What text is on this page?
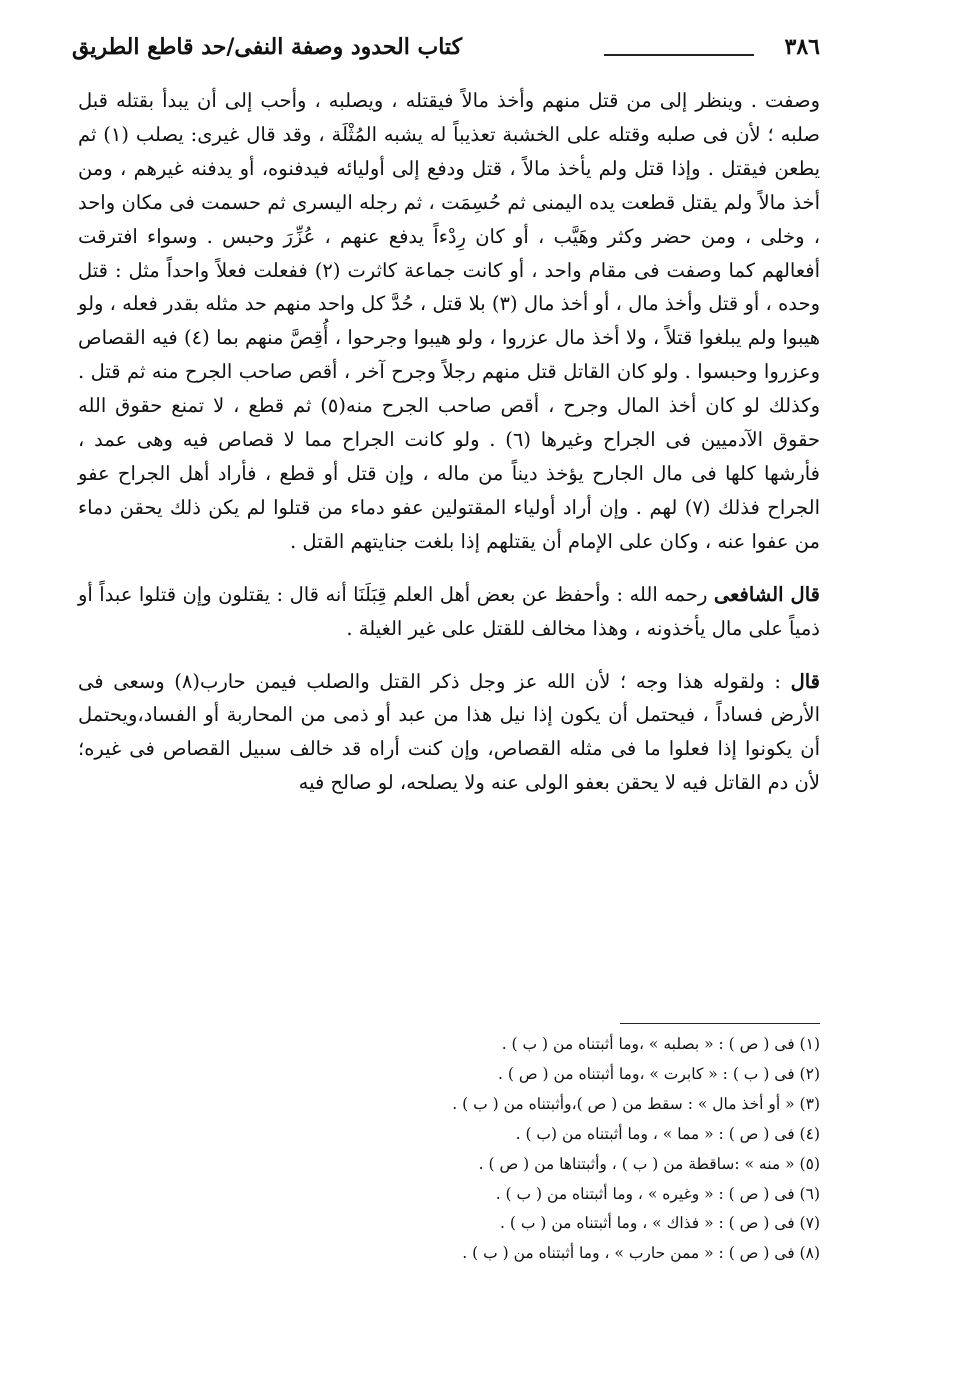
٣٨٦
كتاب الحدود وصفة النفى/حد قاطع الطريق

وصفت . وينظر إلى من قتل منهم وأخذ مالاً فيقتله ، ويصلبه ، وأحب إلى أن يبدأ بقتله قبل صلبه ؛ لأن فى صلبه وقتله على الخشبة تعذيباً له يشبه المُثْلَة ، وقد قال غيرى: يصلب (١) ثم يطعن فيقتل . وإذا قتل ولم يأخذ مالاً ، قتل ودفع إلى أوليائه فيدفنوه، أو يدفنه غيرهم ، ومن أخذ مالاً ولم يقتل قطعت يده اليمنى ثم حُسِمَت ، ثم رجله اليسرى ثم حسمت فى مكان واحد ، وخلى ، ومن حضر وكثر وهَيَّب ، أو كان رِدْءاً يدفع عنهم ، عُزِّرَ وحبس . وسواء افترقت أفعالهم كما وصفت فى مقام واحد ، أو كانت جماعة كاثرت (٢) ففعلت فعلاً واحداً مثل : قتل وحده ، أو قتل وأخذ مال ، أو أخذ مال (٣) بلا قتل ، حُدَّ كل واحد منهم حد مثله بقدر فعله ، ولو هيبوا ولم يبلغوا قتلاً ، ولا أخذ مال عزروا ، ولو هيبوا وجرحوا ، أُقِصَّ منهم بما (٤) فيه القصاص وعزروا وحبسوا . ولو كان القاتل قتل منهم رجلاً وجرح آخر ، أقص صاحب الجرح منه ثم قتل . وكذلك لو كان أخذ المال وجرح ، أقص صاحب الجرح منه(٥) ثم قطع ، لا تمنع حقوق الله حقوق الآدميين فى الجراح وغيرها (٦) . ولو كانت الجراح مما لا قصاص فيه وهى عمد ، فأرشها كلها فى مال الجارح يؤخذ ديناً من ماله ، وإن قتل أو قطع ، فأراد أهل الجراح عفو الجراح فذلك (٧) لهم . وإن أراد أولياء المقتولين عفو دماء من قتلوا لم يكن ذلك يحقن دماء من عفوا عنه ، وكان على الإمام أن يقتلهم إذا بلغت جنايتهم القتل .

قال الشافعى رحمه الله : وأحفظ عن بعض أهل العلم قِبَلَنَا أنه قال : يقتلون وإن قتلوا عبداً أو ذمياً على مال يأخذونه ، وهذا مخالف للقتل على غير الغيلة .

قال : ولقوله هذا وجه ؛ لأن الله عز وجل ذكر القتل والصلب فيمن حارب(٨) وسعى فى الأرض فساداً ، فيحتمل أن يكون إذا نيل هذا من عبد أو ذمى من المحاربة أو الفساد،ويحتمل أن يكونوا إذا فعلوا ما فى مثله القصاص، وإن كنت أراه قد خالف سبيل القصاص فى غيره؛ لأن دم القاتل فيه لا يحقن بعفو الولى عنه ولا يصلحه، لو صالح فيه

(١) فى ( ص ) : « بصلبه » ،وما أثبتناه من ( ب ) .
(٢) فى ( ب ) : « كابرت » ،وما أثبتناه من ( ص ) .
(٣) « أو أخذ مال » : سقط من ( ص )،وأثبتناه من ( ب ) .
(٤) فى ( ص ) : « مما » ، وما أثبتناه من (ب ) .
(٥) « منه » :ساقطة من ( ب ) ، وأثبتناها من ( ص ) .
(٦) فى ( ص ) : « وغيره » ، وما أثبتناه من ( ب ) .
(٧) فى ( ص ) : « فذاك » ، وما أثبتناه من ( ب ) .
(٨) فى ( ص ) : « ممن حارب » ، وما أثبتناه من ( ب ) .
